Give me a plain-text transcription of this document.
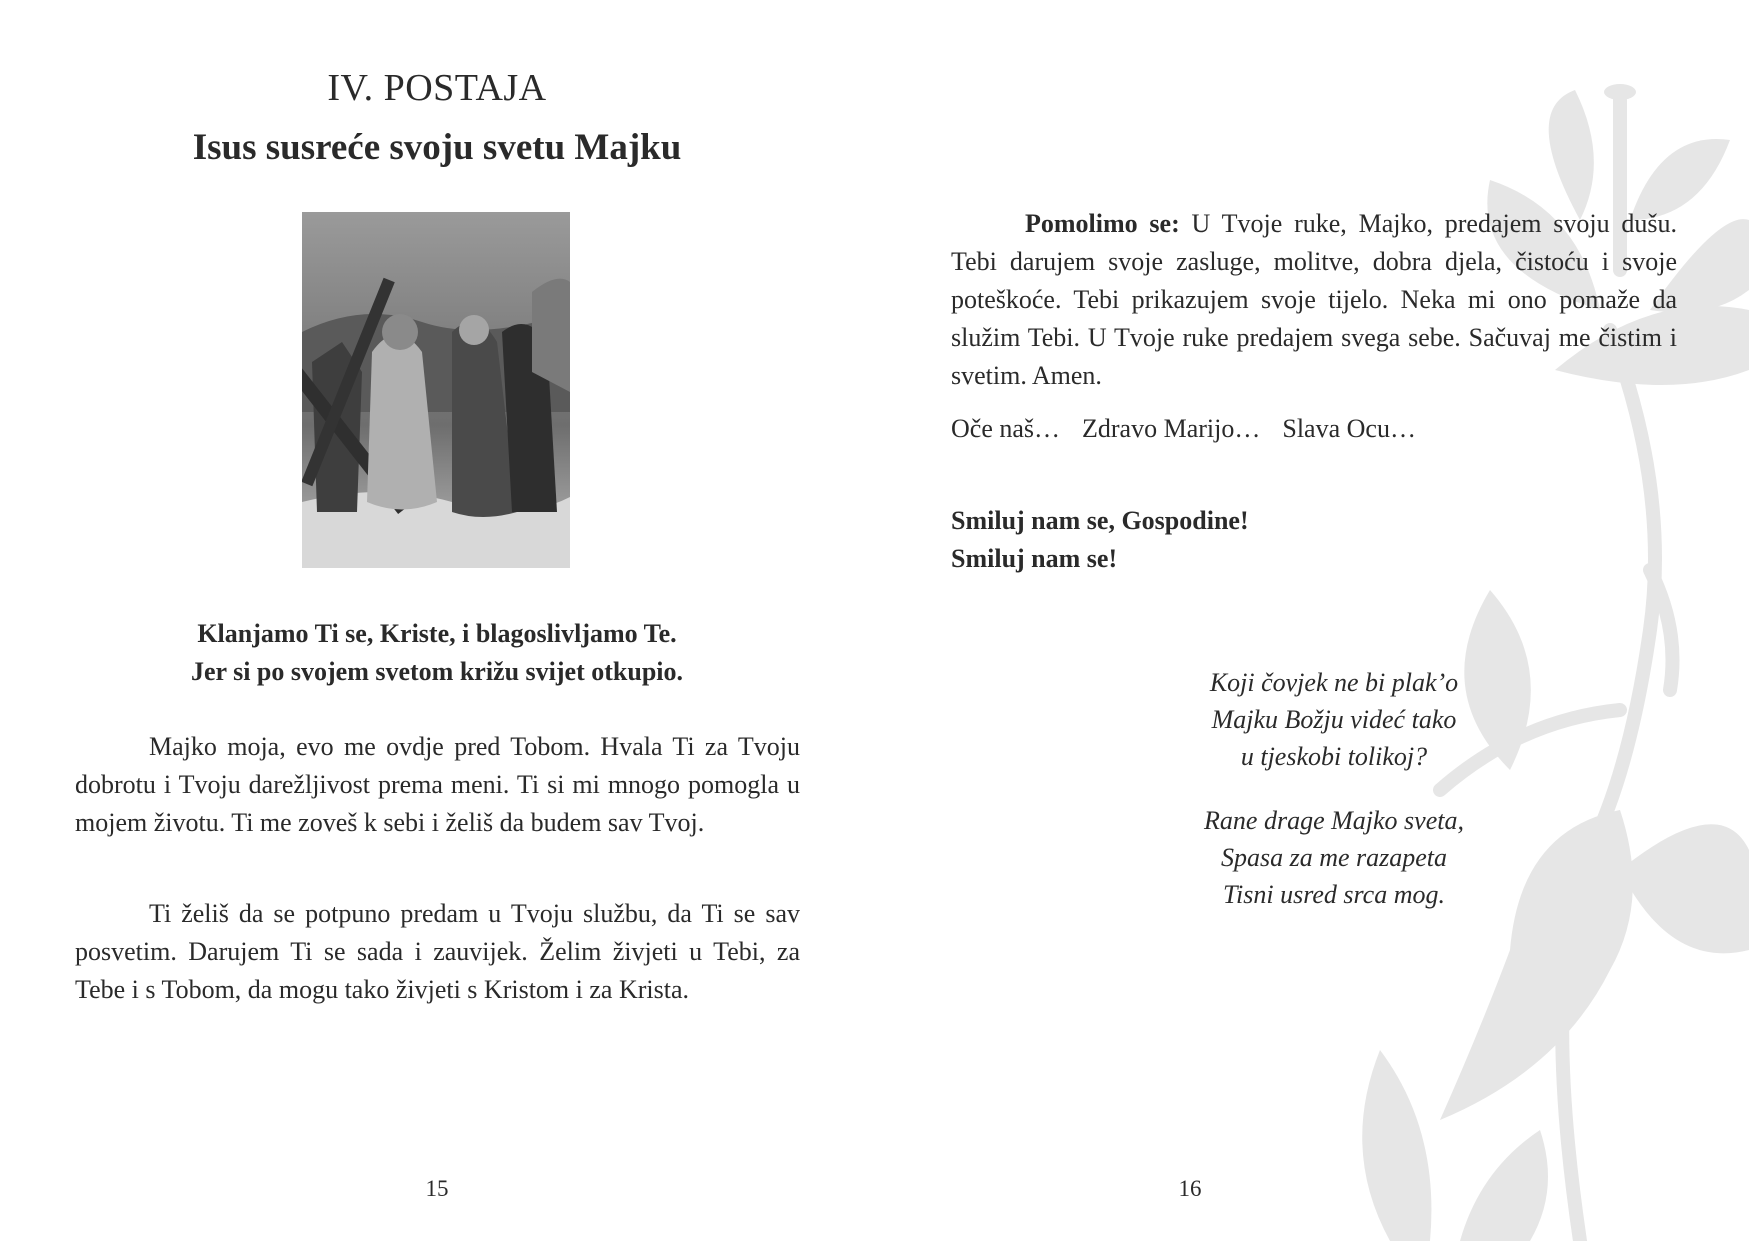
IV. POSTAJA
Isus susreće svoju svetu Majku
Klanjamo Ti se, Kriste, i blagoslivljamo Te.
Jer si po svojem svetom križu svijet otkupio.

Majko moja, evo me ovdje pred Tobom. Hvala Ti za Tvoju dobrotu i Tvoju darežljivost prema meni. Ti si mi mnogo pomogla u mojem životu. Ti me zoveš k sebi i želiš da budem sav Tvoj.

Ti želiš da se potpuno predam u Tvoju službu, da Ti se sav posvetim. Darujem Ti se sada i zauvijek. Želim živjeti u Tebi, za Tebe i s Tobom, da mogu tako živjeti s Kristom i za Krista.

15

Pomolimo se: U Tvoje ruke, Majko, predajem svoju dušu. Tebi darujem svoje zasluge, molitve, dobra djela, čistoću i svoje poteškoće. Tebi prikazujem svoje tijelo. Neka mi ono pomaže da služim Tebi. U Tvoje ruke predajem svega sebe. Sačuvaj me čistim i svetim. Amen.

Oče naš… Zdravo Marijo… Slava Ocu…
Smiluj nam se, Gospodine!
Smiluj nam se!
Koji čovjek ne bi plak’o
Majku Božju videć tako
u tjeskobi tolikoj?
Rane drage Majko sveta,
Spasa za me razapeta
Tisni usred srca mog.
16
